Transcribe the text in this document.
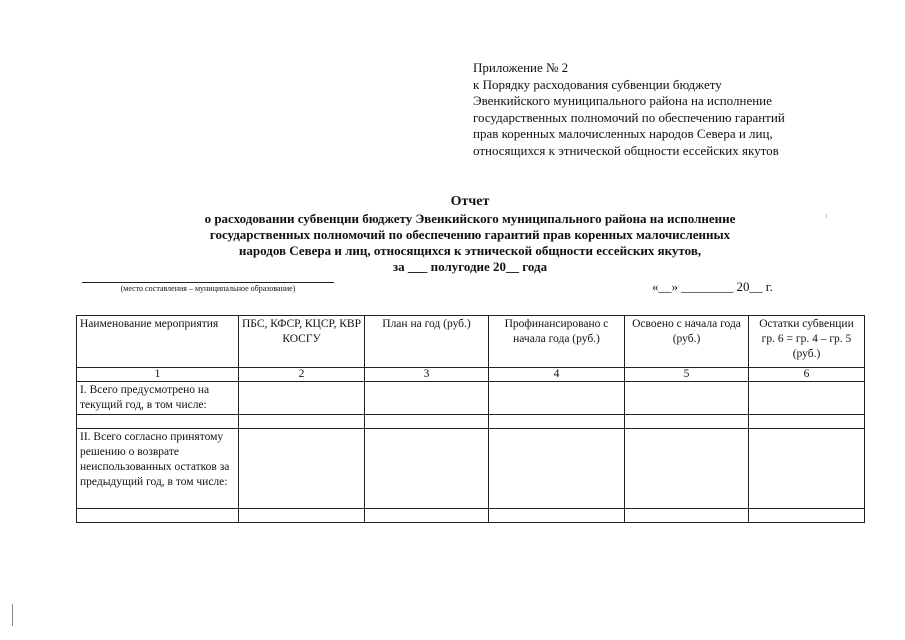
Приложение № 2
к Порядку расходования субвенции бюджету
Эвенкийского муниципального района на исполнение
государственных полномочий по обеспечению гарантий
прав коренных малочисленных народов Севера и лиц,
относящихся к этнической общности ессейских якутов
Отчет
о расходовании субвенции бюджету Эвенкийского муниципального района на исполнение
государственных полномочий по обеспечению гарантий прав коренных малочисленных
народов Севера и лиц, относящихся к этнической общности ессейских якутов,
за ___ полугодие 20__ года
(место составления – муниципальное образование)	«__» ________ 20__ г.
Наименование мероприятия	ПБС, КФСР, КЦСР, КВР КОСГУ	План на год (руб.)	Профинансировано с начала года (руб.)	Освоено с начала года (руб.)	Остатки субвенции гр. 6 = гр. 4 – гр. 5 (руб.)
1	2	3	4	5	6
I. Всего предусмотрено на текущий год, в том числе:					

II. Всего согласно принятому решению о возврате неиспользованных остатков за предыдущий год, в том числе:					
